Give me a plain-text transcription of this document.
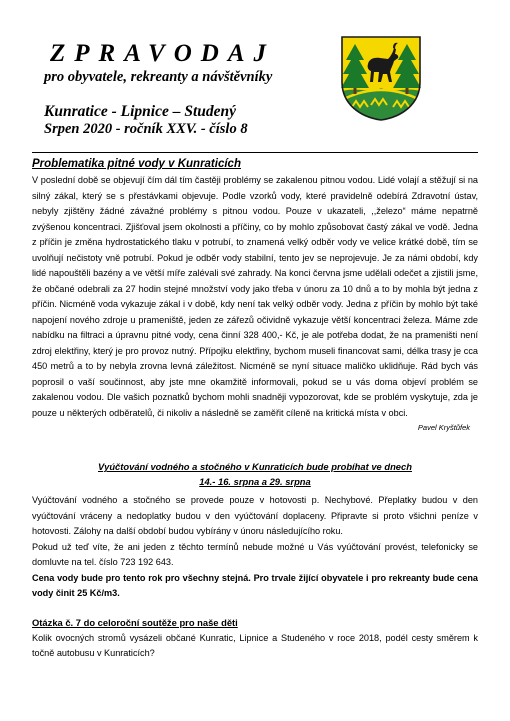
ZPRAVODAJ
pro obyvatele, rekreanty a návštěvníky
Kunratice - Lipnice – Studený
Srpen 2020 - ročník XXV. - číslo 8
Problematika pitné vody v Kunraticích

V poslední době se objevují čím dál tím častěji problémy se zakalenou pitnou vodou. Lidé volají a stěžují si na silný zákal, který se s přestávkami objevuje. Podle vzorků vody, které pravidelně odebírá Zdravotní ústav, nebyly zjištěny žádné závažné problémy s pitnou vodou. Pouze v ukazateli, ,,železo“ máme nepatrně zvýšenou koncentraci. Zjišťoval jsem okolnosti a příčiny, co by mohlo způsobovat častý zákal ve vodě. Jedna z příčin je změna hydrostatického tlaku v potrubí, to znamená velký odběr vody ve velice krátké době, tím se uvolňují nečistoty vně potrubí. Pokud je odběr vody stabilní, tento jev se neprojevuje. Je za námi období, kdy lidé napouštěli bazény a ve větší míře zalévali své zahrady. Na konci června jsme udělali odečet a zjistili jsme, že občané odebrali za 27 hodin stejné množství vody jako třeba v únoru za 10 dnů a to by mohla být jedna z příčin. Nicméně voda vykazuje zákal i v době, kdy není tak velký odběr vody. Jedna z příčin by mohlo být také napojení nového zdroje u prameniště, jeden ze zářezů očividně vykazuje větší koncentraci železa. Máme zde nabídku na filtraci a úpravnu pitné vody, cena činní 328 400,- Kč, je ale potřeba dodat, že na prameništi není zdroj elektřiny, který je pro provoz nutný. Přípojku elektřiny, bychom museli financovat sami, délka trasy je cca 450 metrů a to by nebyla zrovna levná záležitost. Nicméně se nyní situace maličko uklidňuje. Rád bych vás poprosil o vaší součinnost, aby jste mne okamžitě informovali, pokud se u vás doma objeví problém se zakalenou vodou. Dle vašich poznatků bychom mohli snadněji vypozorovat, kde se problém vyskytuje, zda je pouze u některých odběratelů, či nikoliv a následně se zaměřit cíleně na kritická místa v obci.

Pavel Kryštůfek

Vyúčtování vodného a stočného v Kunraticích bude probíhat ve dnech
14.- 16. srpna a 29. srpna

Vyúčtování vodného a stočného se provede pouze v hotovosti p. Nechybové. Přeplatky budou v den vyúčtování vráceny a nedoplatky budou v den vyúčtování doplaceny. Připravte si proto všichni peníze v hotovosti. Zálohy na další období budou vybírány v únoru následujícího roku.

Pokud už teď víte, že ani jeden z těchto termínů nebude možné u Vás vyúčtování provést, telefonicky se domluvte na tel. číslo 723 192 643.

Cena vody bude pro tento rok pro všechny stejná. Pro trvale žijící obyvatele i pro rekreanty bude cena vody činit 25 Kč/m3.

Otázka č. 7 do celoroční soutěže pro naše děti

Kolik ovocných stromů vysázeli občané Kunratic, Lipnice a Studeného v roce 2018, podél cesty směrem k točně autobusu v Kunraticích?
